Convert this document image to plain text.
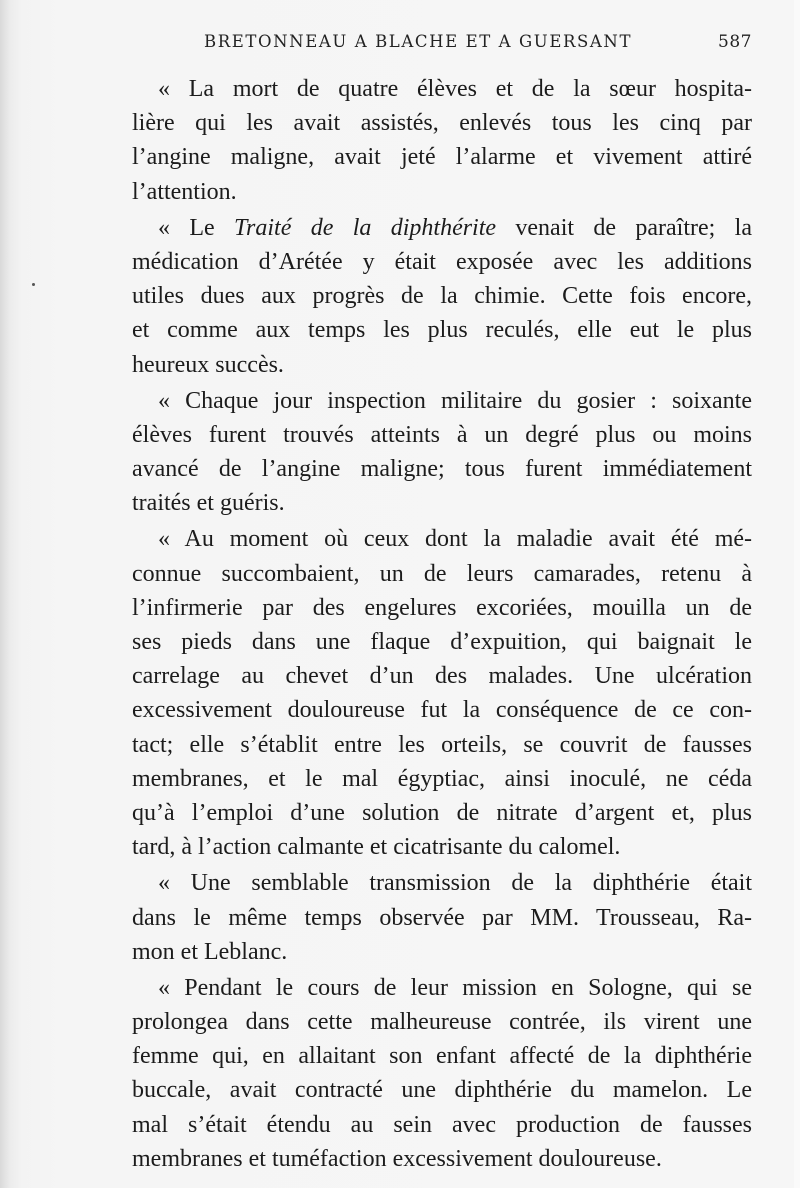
BRETONNEAU A BLACHE ET A GUERSANT	587
« La mort de quatre élèves et de la sœur hospita-
lière qui les avait assistés, enlevés tous les cinq par
l’angine maligne, avait jeté l’alarme et vivement attiré
l’attention.
« Le Traité de la diphthérite venait de paraître; la
médication d’Arétée y était exposée avec les additions
utiles dues aux progrès de la chimie. Cette fois encore,
et comme aux temps les plus reculés, elle eut le plus
heureux succès.
« Chaque jour inspection militaire du gosier : soixante
élèves furent trouvés atteints à un degré plus ou moins
avancé de l’angine maligne; tous furent immédiatement
traités et guéris.
« Au moment où ceux dont la maladie avait été mé-
connue succombaient, un de leurs camarades, retenu à
l’infirmerie par des engelures excoriées, mouilla un de
ses pieds dans une flaque d’expuition, qui baignait le
carrelage au chevet d’un des malades. Une ulcération
excessivement douloureuse fut la conséquence de ce con-
tact; elle s’établit entre les orteils, se couvrit de fausses
membranes, et le mal égyptiac, ainsi inoculé, ne céda
qu’à l’emploi d’une solution de nitrate d’argent et, plus
tard, à l’action calmante et cicatrisante du calomel.
« Une semblable transmission de la diphthérie était
dans le même temps observée par MM. Trousseau, Ra-
mon et Leblanc.
« Pendant le cours de leur mission en Sologne, qui se
prolongea dans cette malheureuse contrée, ils virent une
femme qui, en allaitant son enfant affecté de la diphthérie
buccale, avait contracté une diphthérie du mamelon. Le
mal s’était étendu au sein avec production de fausses
membranes et tuméfaction excessivement douloureuse.
